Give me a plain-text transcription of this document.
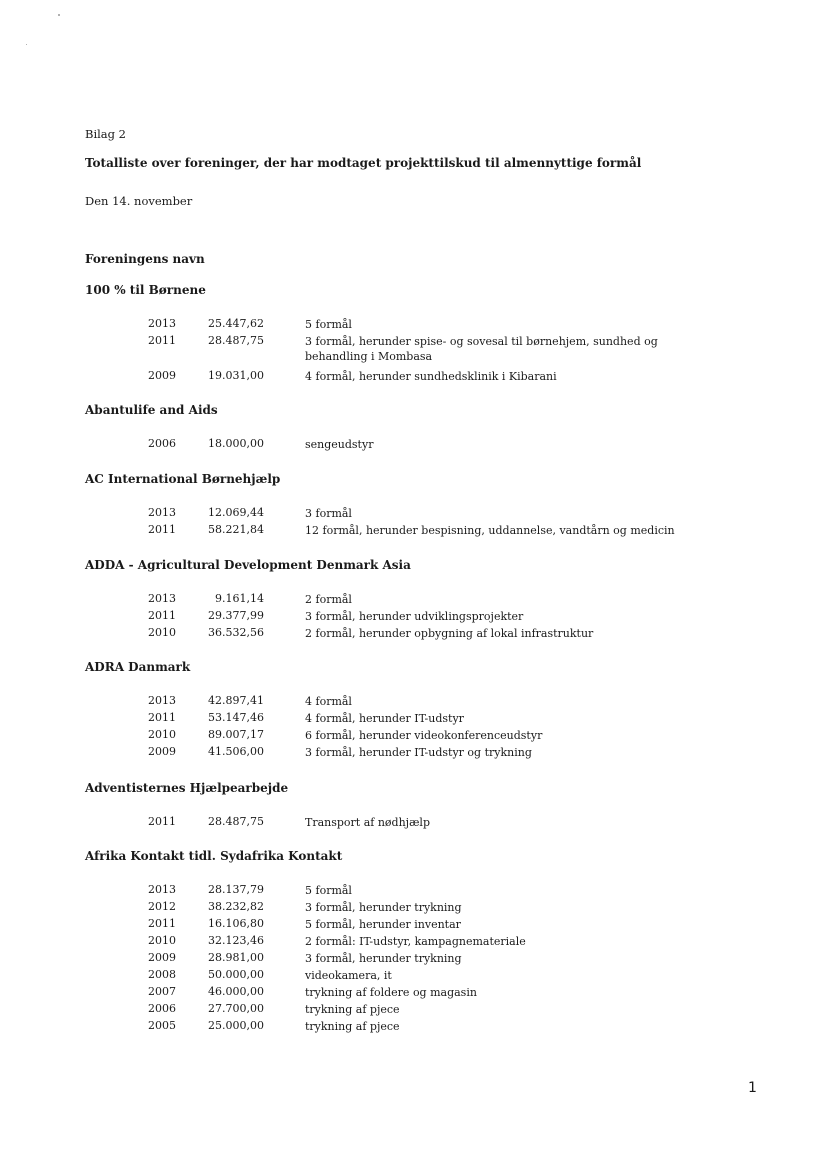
Bilag 2
Totalliste over foreninger, der har modtaget projekttilskud til almennyttige formål
Den 14. november
Foreningens navn
100 % til Børnene
2013	25.447,62	5 formål
2011	28.487,75	3 formål, herunder spise- og sovesal til børnehjem, sundhed og behandling i Mombasa
2009	19.031,00	4 formål, herunder sundhedsklinik i Kibarani
Abantulife and Aids
2006	18.000,00	sengeudstyr
AC International Børnehjælp
2013	12.069,44	3 formål
2011	58.221,84	12 formål, herunder bespisning, uddannelse, vandtårn og medicin
ADDA - Agricultural Development Denmark Asia
2013	9.161,14	2 formål
2011	29.377,99	3 formål, herunder udviklingsprojekter
2010	36.532,56	2 formål, herunder opbygning af lokal infrastruktur
ADRA Danmark
2013	42.897,41	4 formål
2011	53.147,46	4 formål, herunder IT-udstyr
2010	89.007,17	6 formål, herunder videokonferenceudstyr
2009	41.506,00	3 formål, herunder IT-udstyr og trykning
Adventisternes Hjælpearbejde
2011	28.487,75	Transport af nødhjælp
Afrika Kontakt tidl. Sydafrika Kontakt
2013	28.137,79	5 formål
2012	38.232,82	3 formål, herunder trykning
2011	16.106,80	5 formål, herunder inventar
2010	32.123,46	2 formål: IT-udstyr, kampagnemateriale
2009	28.981,00	3 formål, herunder trykning
2008	50.000,00	videokamera, it
2007	46.000,00	trykning af foldere og magasin
2006	27.700,00	trykning af pjece
2005	25.000,00	trykning af pjece
1
